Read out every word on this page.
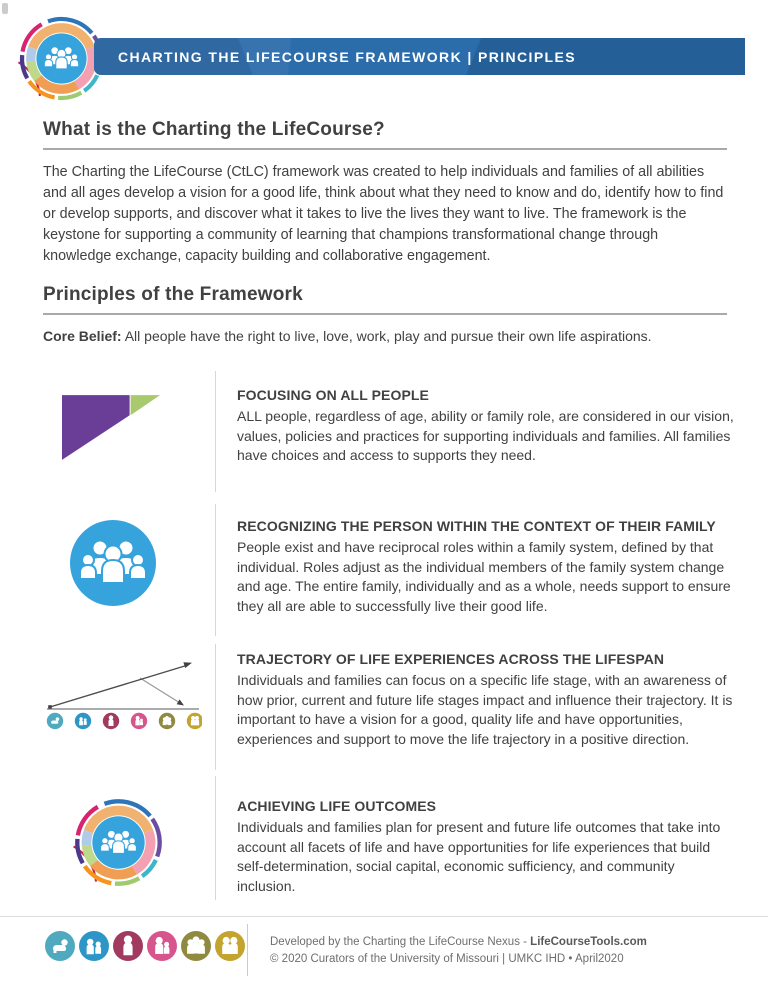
CHARTING THE LIFECOURSE FRAMEWORK | PRINCIPLES
What is the Charting the LifeCourse?
The Charting the LifeCourse (CtLC) framework was created to help individuals and families of all abilities and all ages develop a vision for a good life, think about what they need to know and do, identify how to find or develop supports, and discover what it takes to live the lives they want to live. The framework is the keystone for supporting a community of learning that champions transformational change through knowledge exchange, capacity building and collaborative engagement.
Principles of the Framework
Core Belief: All people have the right to live, love, work, play and pursue their own life aspirations.
FOCUSING ON ALL PEOPLE
ALL people, regardless of age, ability or family role, are considered in our vision, values, policies and practices for supporting individuals and families. All families have choices and access to supports they need.
RECOGNIZING THE PERSON WITHIN THE CONTEXT OF THEIR FAMILY
People exist and have reciprocal roles within a family system, defined by that individual. Roles adjust as the individual members of the family system change and age. The entire family, individually and as a whole, needs support to ensure they all are able to successfully live their good life.
TRAJECTORY OF LIFE EXPERIENCES ACROSS THE LIFESPAN
Individuals and families can focus on a specific life stage, with an awareness of how prior, current and future life stages impact and influence their trajectory. It is important to have a vision for a good, quality life and have opportunities, experiences and support to move the life trajectory in a positive direction.
ACHIEVING LIFE OUTCOMES
Individuals and families plan for present and future life outcomes that take into account all facets of life and have opportunities for life experiences that build self-determination, social capital, economic sufficiency, and community inclusion.
Developed by the Charting the LifeCourse Nexus - LifeCourseTools.com
© 2020 Curators of the University of Missouri | UMKC IHD • April2020
